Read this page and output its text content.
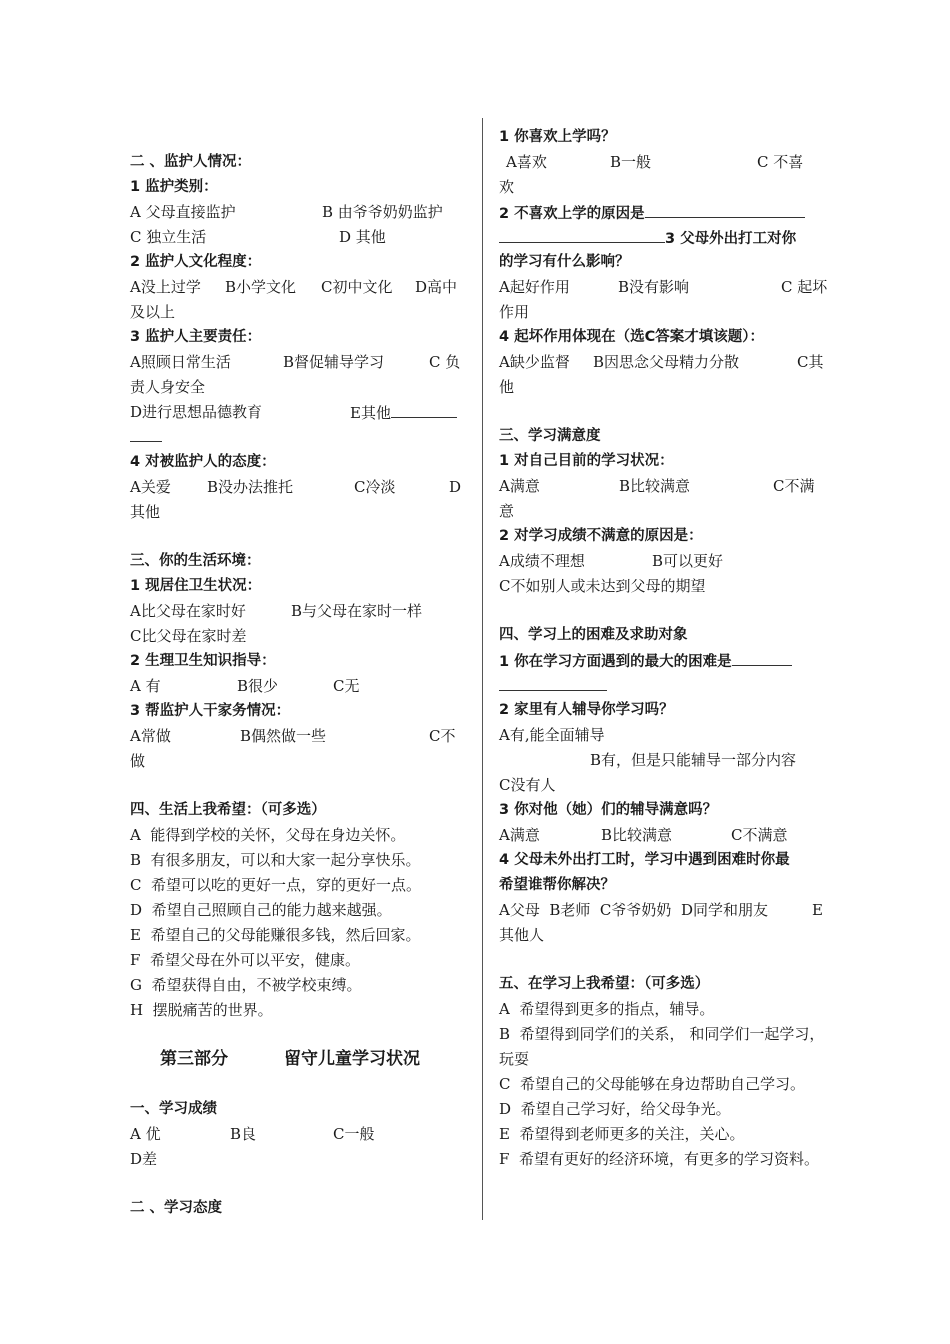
二 、监护人情况：
1 监护类别：
A 父母直接监护	B 由爷爷奶奶监护
C 独立生活	D 其他
2 监护人文化程度：
A没上过学 B小学文化 C初中文化 D高中
及以上
3 监护人主要责任：
A照顾日常生活	B督促辅导学习	C 负
责人身安全
D进行思想品德教育	E其他
4 对被监护人的态度：
A关爱 B没办法推托	C冷淡	D
其他
三、你的生活环境：
1 现居住卫生状况：
A比父母在家时好	B与父母在家时一样
C比父母在家时差
2 生理卫生知识指导：
A 有	B很少	C无
3 帮监护人干家务情况：
A常做	B偶然做一些	C不
做
四、生活上我希望：（可多选）
A  能得到学校的关怀，父母在身边关怀。
B  有很多朋友，可以和大家一起分享快乐。
C  希望可以吃的更好一点，穿的更好一点。
D  希望自己照顾自己的能力越来越强。
E  希望自己的父母能赚很多钱，然后回家。
F  希望父母在外可以平安，健康。
G  希望获得自由，不被学校束缚。
H  摆脱痛苦的世界。
第三部分	留守儿童学习状况
一、学习成绩
A 优	B良	C一般
D差
二 、学习态度
1 你喜欢上学吗？
A喜欢	B一般	C 不喜
欢
2 不喜欢上学的原因是
3 父母外出打工对你
的学习有什么影响？
A起好作用	B没有影响	C 起坏
作用
4 起坏作用体现在（选C答案才填该题）：
A缺少监督 B因思念父母精力分散	C其
他
三、学习满意度
1 对自己目前的学习状况：
A满意	B比较满意	C不满
意
2 对学习成绩不满意的原因是：
A成绩不理想	B可以更好
C不如别人或未达到父母的期望
四、学习上的困难及求助对象
1 你在学习方面遇到的最大的困难是
2 家里有人辅导你学习吗？
A有,能全面辅导
B有，但是只能辅导一部分内容
C没有人
3 你对他（她）们的辅导满意吗？
A满意	B比较满意	C不满意
4 父母未外出打工时，学习中遇到困难时你最
希望谁帮你解决？
A父母  B老师  C爷爷奶奶  D同学和朋友	E
其他人
五、在学习上我希望：（可多选）
A  希望得到更多的指点，辅导。
B  希望得到同学们的关系， 和同学们一起学习，
玩耍
C  希望自己的父母能够在身边帮助自己学习。
D  希望自己学习好，给父母争光。
E  希望得到老师更多的关注，关心。
F  希望有更好的经济环境，有更多的学习资料。
